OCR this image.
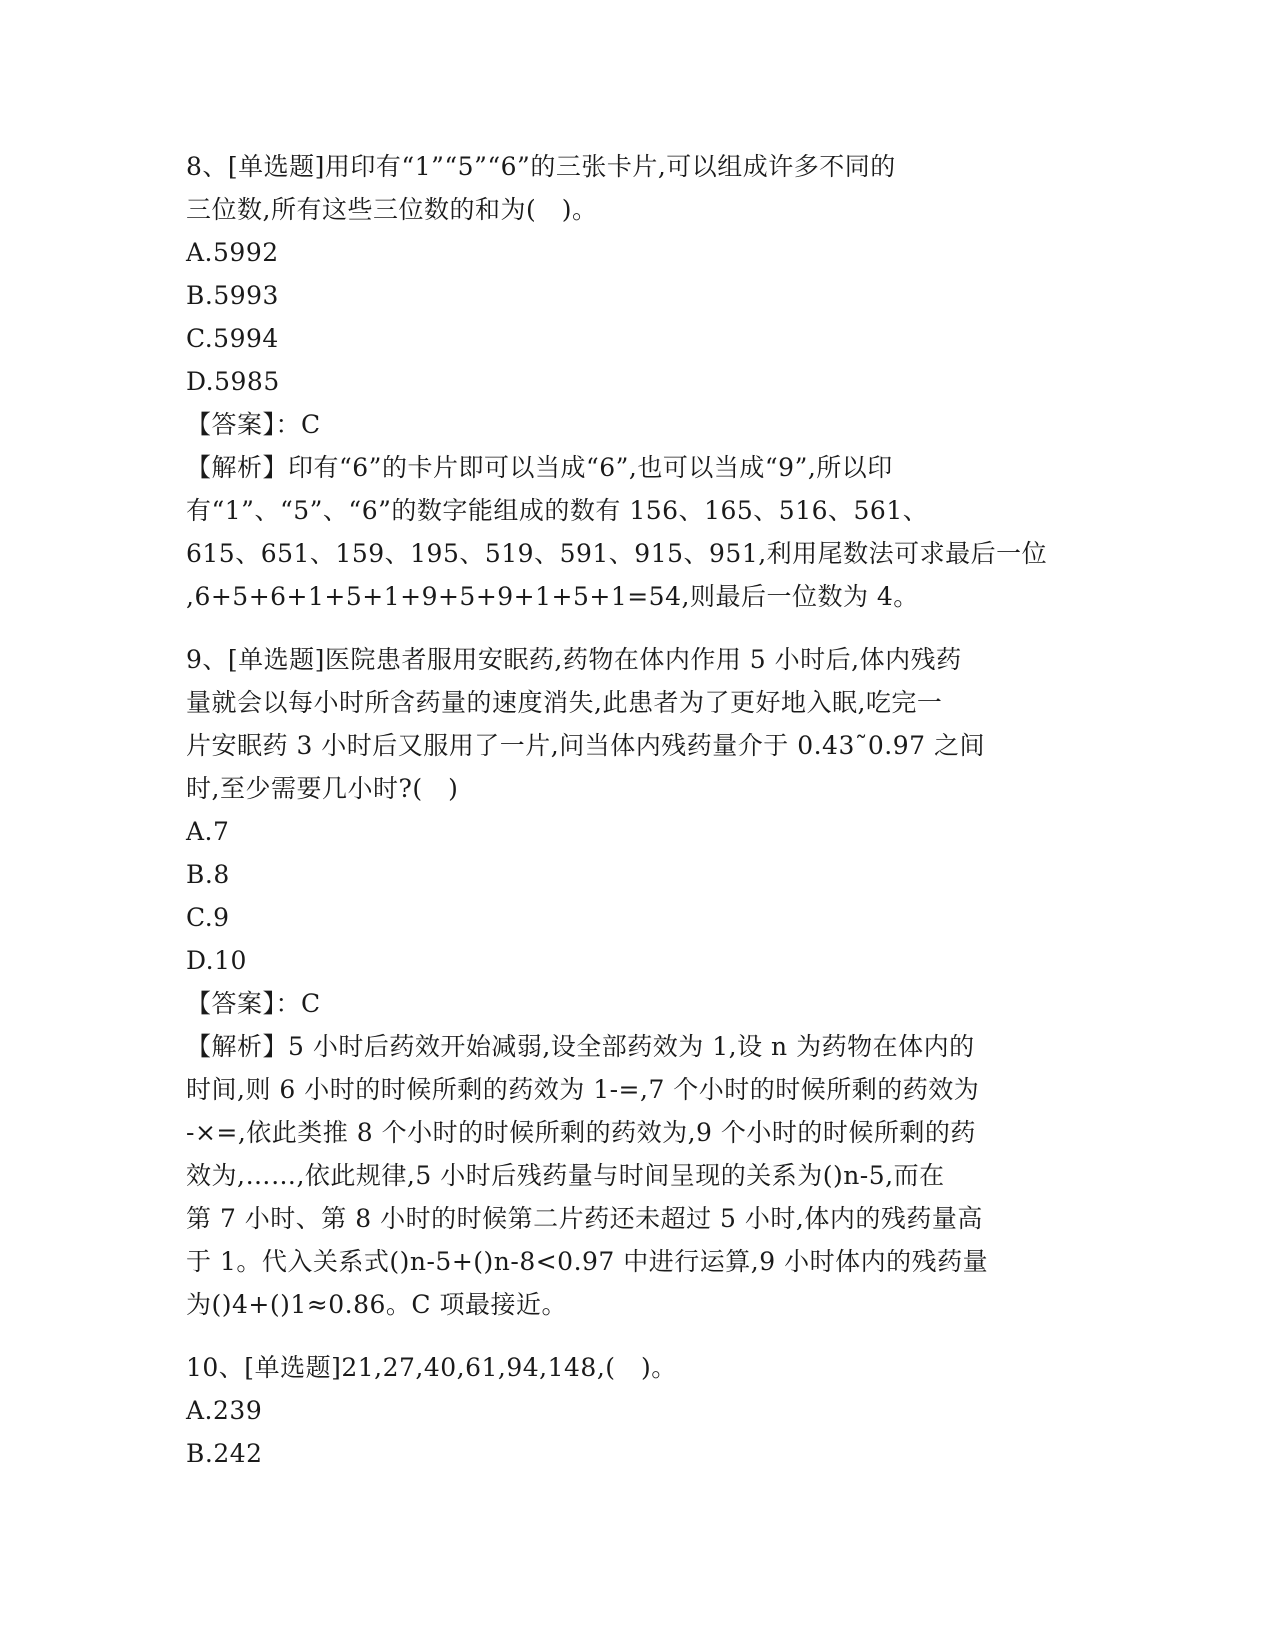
8、[单选题]用印有“1”“5”“6”的三张卡片,可以组成许多不同的
三位数,所有这些三位数的和为(　)。
A.5992
B.5993
C.5994
D.5985
【答案】：C
【解析】印有“6”的卡片即可以当成“6”,也可以当成“9”,所以印
有“1”、“5”、“6”的数字能组成的数有 156、165、516、561、
615、651、159、195、519、591、915、951,利用尾数法可求最后一位
,6+5+6+1+5+1+9+5+9+1+5+1=54,则最后一位数为 4。
9、[单选题]医院患者服用安眠药,药物在体内作用 5 小时后,体内残药
量就会以每小时所含药量的速度消失,此患者为了更好地入眠,吃完一
片安眠药 3 小时后又服用了一片,问当体内残药量介于 0.43˜0.97 之间
时,至少需要几小时?(　)
A.7
B.8
C.9
D.10
【答案】：C
【解析】5 小时后药效开始减弱,设全部药效为 1,设 n 为药物在体内的
时间,则 6 小时的时候所剩的药效为 1-=,7 个小时的时候所剩的药效为
-×=,依此类推 8 个小时的时候所剩的药效为,9 个小时的时候所剩的药
效为,……,依此规律,5 小时后残药量与时间呈现的关系为()n-5,而在
第 7 小时、第 8 小时的时候第二片药还未超过 5 小时,体内的残药量高
于 1。代入关系式()n-5+()n-8<0.97 中进行运算,9 小时体内的残药量
为()4+()1≈0.86。C 项最接近。
10、[单选题]21,27,40,61,94,148,(　)。
A.239
B.242
